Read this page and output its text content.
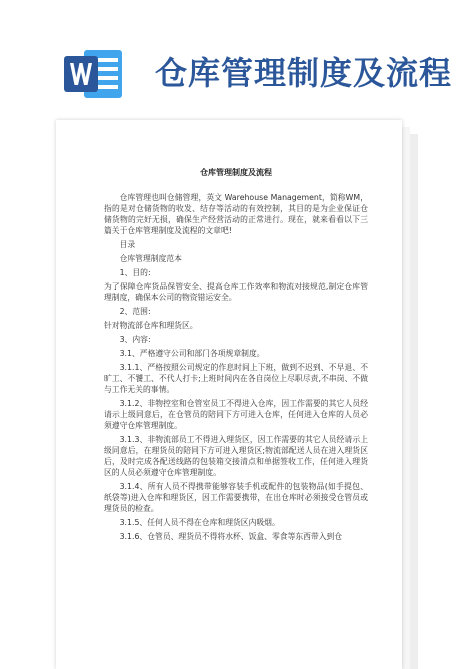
仓库管理制度及流程
仓库管理制度及流程

仓库管理也叫仓储管理，英文 Warehouse Management，简称WM，指的是对仓储货物的收发、结存等活动的有效控制，其目的是为企业保证仓储货物的完好无损，确保生产经营活动的正常进行。现在，就来看看以下三篇关于仓库管理制度及流程的文章吧!

目录

仓库管理制度范本

1、目的:

为了保障仓库货品保管安全、提高仓库工作效率和物流对接规范,制定仓库管理制度，确保本公司的物资错运安全。

2、范围:

针对物流部仓库和理货区。

3、内容:

3.1、严格遵守公司和部门各项规章制度。

3.1.1、严格按照公司规定的作息时间上下班，做到不迟到、不早退、不旷工、不饕工、不代人打卡;上班时间内在各自岗位上尽职尽责,不串岗、不做与工作无关的事情。

3.1.2、非物控室和仓管室员工不得进入仓库，因工作需要的其它人员经请示上级同意后，在仓管员的陪同下方可进入仓库，任何进入仓库的人员必须遵守仓库管理制度。

3.1.3、非物流部员工不得进入理货区，因工作需要的其它人员经请示上级同意后，在理货员的陪同下方可进入理货区;物流部配送人员在进入理货区后，及时完成各配送线路的包装箱交接清点和单据签收工作，任何进入理货区的人员必须遵守仓库管理制度。

3.1.4、所有人员不得携带能够容装手机或配件的包装物品(如手提包、纸袋等)进入仓库和理货区，因工作需要携带，在出仓库时必须接受仓管员或理货员的检查。

3.1.5、任何人员不得在仓库和理货区内吸烟。

3.1.6、仓管员、理货员不得将水杯、饭盒、零食等东西带入到仓
